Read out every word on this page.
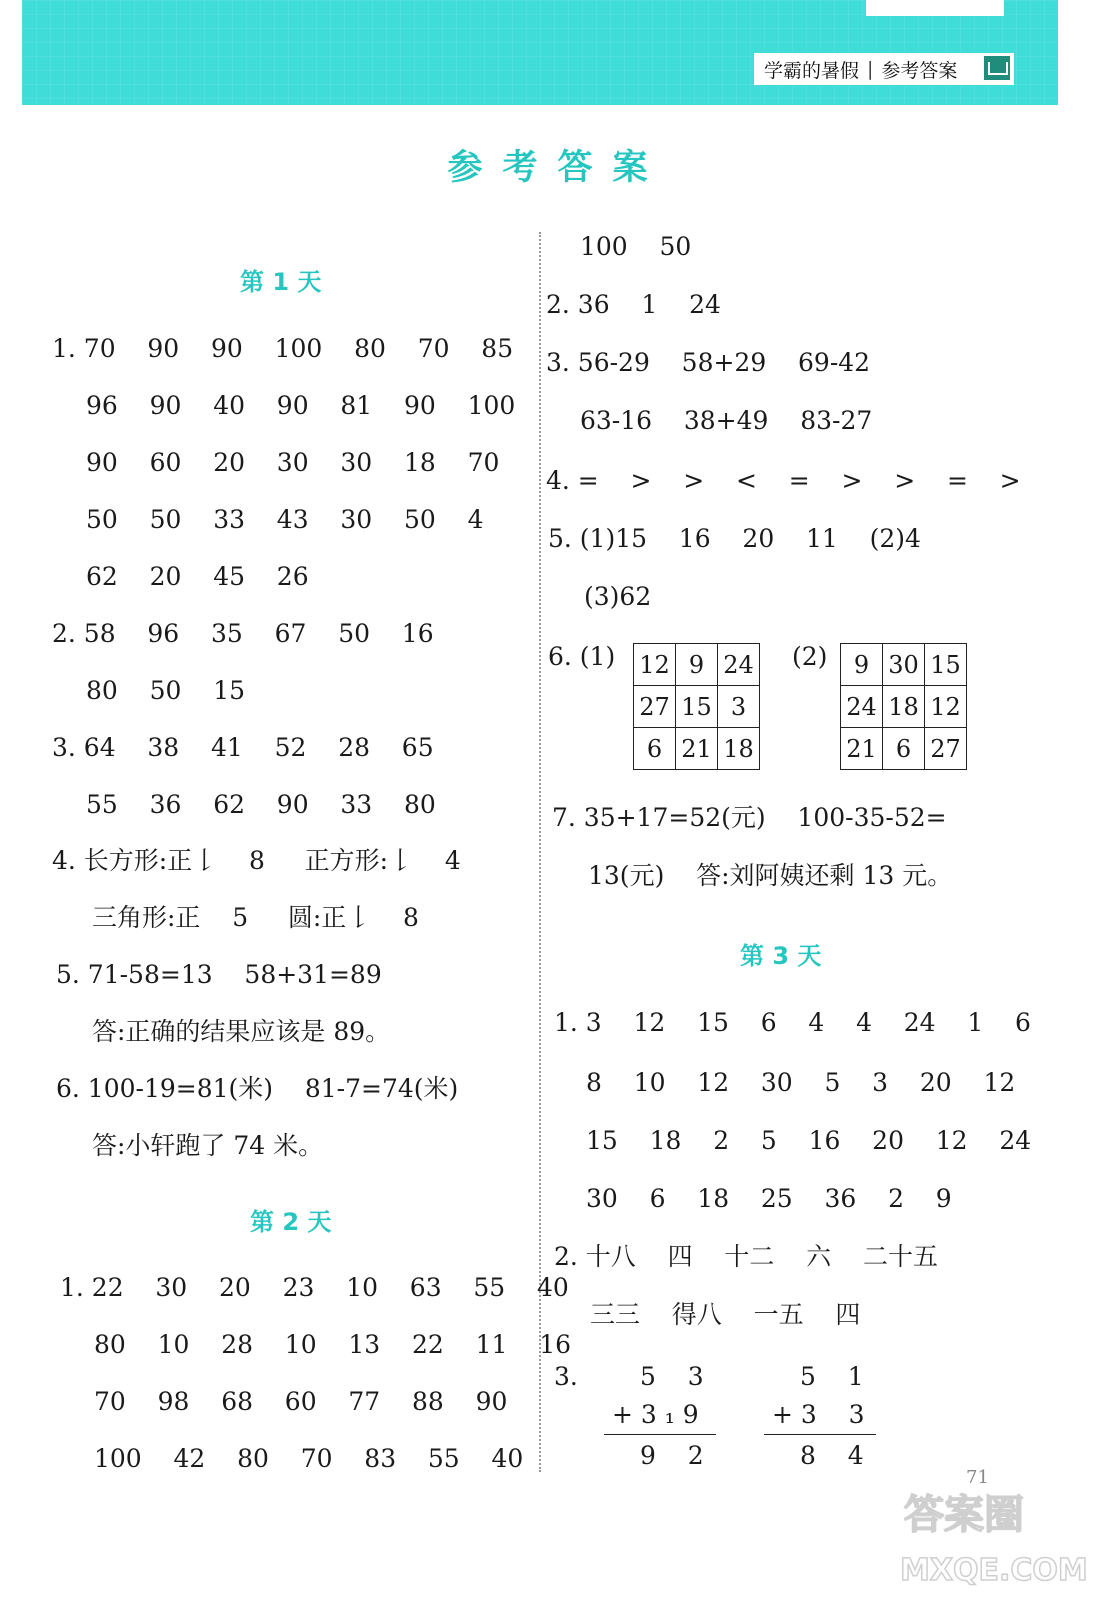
学霸的暑假 | 参考答案
参考答案
第 1 天
1. 70    90    90    100    80    70    85
96    90    40    90    81    90    100
90    60    20    30    30    18    70
50    50    33    43    30    50    4
62    20    45    26
2. 58    96    35    67    50    16
80    50    15
3. 64    38    41    52    28    65
55    36    62    90    33    80
4. 长方形:正𠄌    8     正方形:𠄌    4
三角形:正    5     圆:正𠄌    8
5. 71-58=13    58+31=89
答:正确的结果应该是 89。
6. 100-19=81(米)    81-7=74(米)
答:小轩跑了 74 米。
第 2 天
1. 22    30    20    23    10    63    55    40
80    10    28    10    13    22    11    16
70    98    68    60    77    88    90
100    42    80    70    83    55    40
100    50
2. 36    1    24
3. 56-29    58+29    69-42
63-16    38+49    83-27
4. =    >    >    <    =    >    >    =    >
5. (1)15    16    20    11    (2)4
(3)62
6. (1)	(2)
12	9	24
27	15	3
6	21	18
9	30	15
24	18	12
21	6	27
7. 35+17=52(元)    100-35-52=
13(元)    答:刘阿姨还剩 13 元。
第 3 天
1. 3    12    15    6    4    4    24    1    6
8    10    12    30    5    3    20    12
15    18    2    5    16    20    12    24
30    6    18    25    36    2    9
2. 十八    四    十二    六    二十五
三三    得八    一五    四
3.	5    3
+ 3 ₁ 9
9    2
5    1
+ 3    3
8    4
71
答案圈
MXQE.COM
